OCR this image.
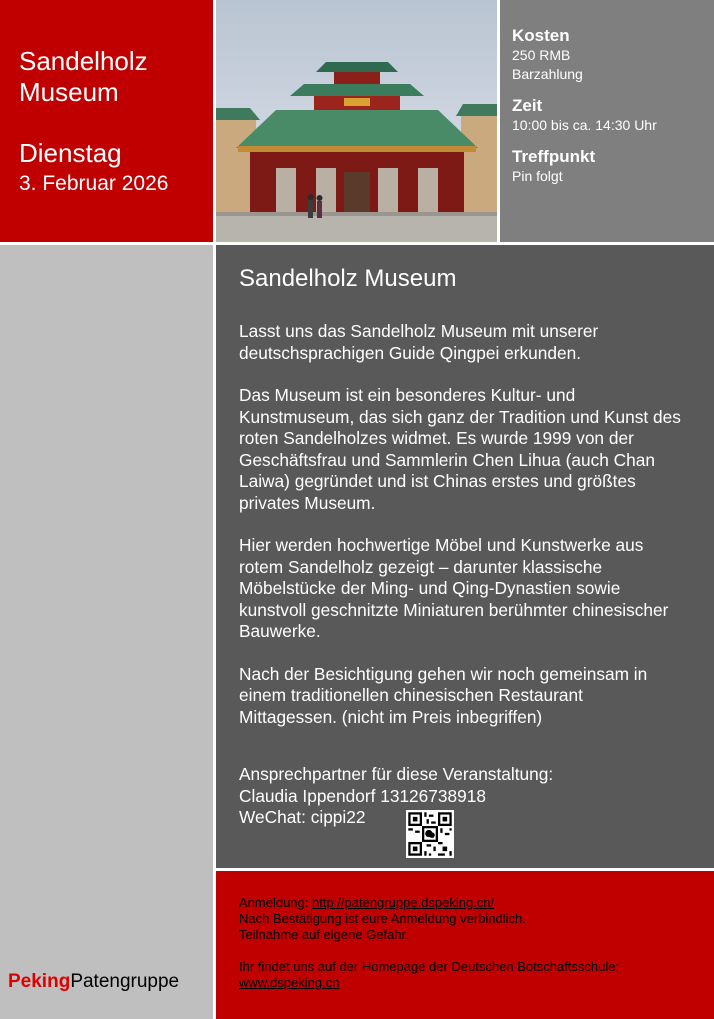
Sandelholz
Museum
Dienstag
3. Februar 2026
Kosten
250 RMB
Barzahlung
Zeit
10:00 bis ca. 14:30 Uhr
Treffpunkt
Pin folgt
PekingPatengruppe
Sandelholz Museum

Lasst uns das Sandelholz Museum mit unserer deutschsprachigen Guide Qingpei erkunden.

Das Museum ist ein besonderes Kultur- und Kunstmuseum, das sich ganz der Tradition und Kunst des roten Sandelholzes widmet. Es wurde 1999 von der Geschäftsfrau und Sammlerin Chen Lihua (auch Chan Laiwa) gegründet und ist Chinas erstes und größtes privates Museum.

Hier werden hochwertige Möbel und Kunstwerke aus rotem Sandelholz gezeigt – darunter klassische Möbelstücke der Ming- und Qing-Dynastien sowie kunstvoll geschnitzte Miniaturen berühmter chinesischer Bauwerke.

Nach der Besichtigung gehen wir noch gemeinsam in einem traditionellen chinesischen Restaurant Mittagessen. (nicht im Preis inbegriffen)

Ansprechpartner für diese Veranstaltung:
Claudia Ippendorf 13126738918
WeChat: cippi22
Anmeldung: http://patengruppe.dspeking.cn/
Nach Bestätigung ist eure Anmeldung verbindlich.
Teilnahme auf eigene Gefahr.
Ihr findet uns auf der Homepage der Deutschen Botschaftsschule:
www.dspeking.cn
